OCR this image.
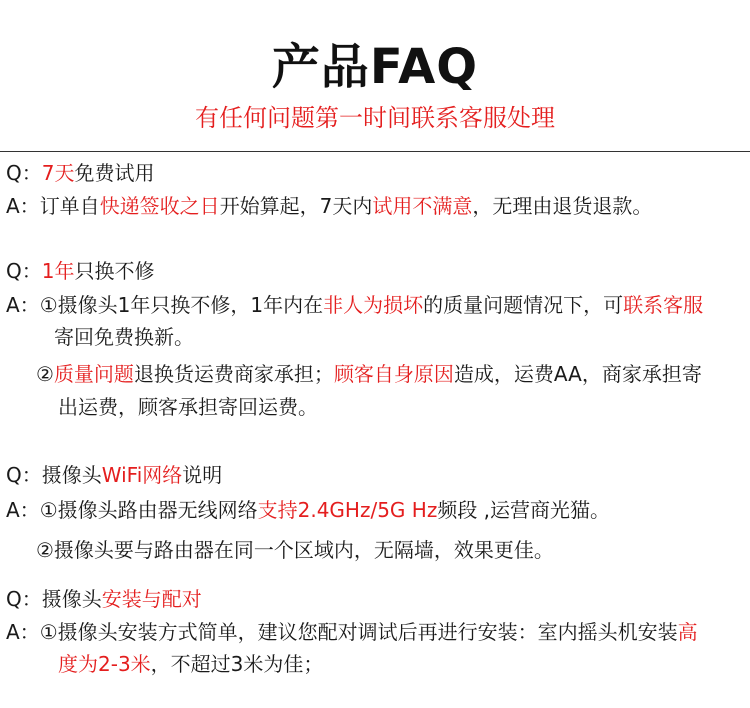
产品FAQ
有任何问题第一时间联系客服处理
Q：7天免费试用
A：订单自快递签收之日开始算起，7天内试用不满意，无理由退货退款。
Q：1年只换不修
A：①摄像头1年只换不修，1年内在非人为损坏的质量问题情况下，可联系客服
寄回免费换新。
②质量问题退换货运费商家承担；顾客自身原因造成，运费AA，商家承担寄
出运费，顾客承担寄回运费。
Q：摄像头WiFi网络说明
A：①摄像头路由器无线网络支持2.4GHz/5G Hz频段 ,运营商光猫。
②摄像头要与路由器在同一个区域内，无隔墙，效果更佳。
Q：摄像头安装与配对
A：①摄像头安装方式简单，建议您配对调试后再进行安装：室内摇头机安装高
度为2-3米，不超过3米为佳；
